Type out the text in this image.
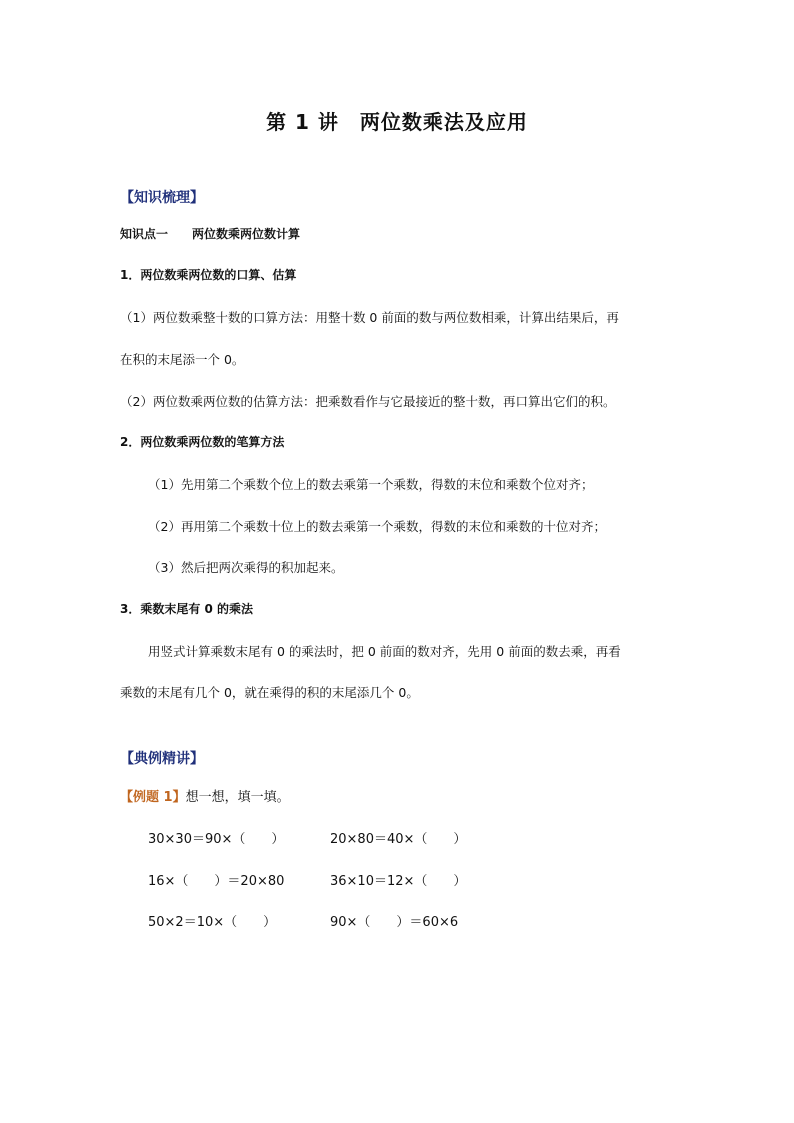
第 1 讲　两位数乘法及应用
【知识梳理】
知识点一　　两位数乘两位数计算
1．两位数乘两位数的口算、估算
（1）两位数乘整十数的口算方法：用整十数 0 前面的数与两位数相乘，计算出结果后，再
在积的末尾添一个 0。
（2）两位数乘两位数的估算方法：把乘数看作与它最接近的整十数，再口算出它们的积。
2．两位数乘两位数的笔算方法
（1）先用第二个乘数个位上的数去乘第一个乘数，得数的末位和乘数个位对齐；
（2）再用第二个乘数十位上的数去乘第一个乘数，得数的末位和乘数的十位对齐；
（3）然后把两次乘得的积加起来。
3．乘数末尾有 0 的乘法
用竖式计算乘数末尾有 0 的乘法时，把 0 前面的数对齐，先用 0 前面的数去乘，再看
乘数的末尾有几个 0，就在乘得的积的末尾添几个 0。
【典例精讲】
【例题 1】想一想，填一填。
30×30＝90×（　　）	20×80＝40×（　　）
16×（　　）＝20×80	36×10＝12×（　　）
50×2＝10×（　　）	90×（　　）＝60×6
